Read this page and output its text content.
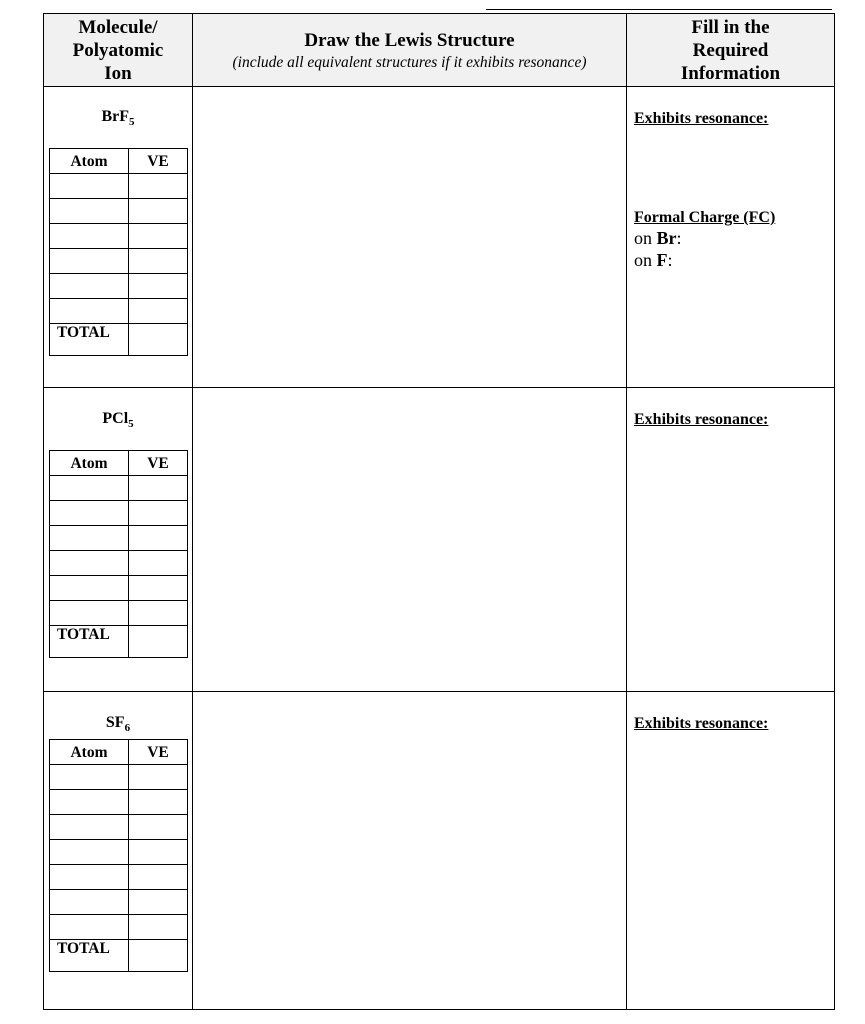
Molecule/
Polyatomic
Ion
Draw the Lewis Structure
(include all equivalent structures if it exhibits resonance)
Fill in the
Required
Information
BrF$_5$
Atom	VE
TOTAL
Exhibits resonance:
Formal Charge (FC)
on Br:
on F:
PCl$_5$
Atom	VE
TOTAL
Exhibits resonance:
$SF_6$
Atom	VE
TOTAL
Exhibits resonance:
